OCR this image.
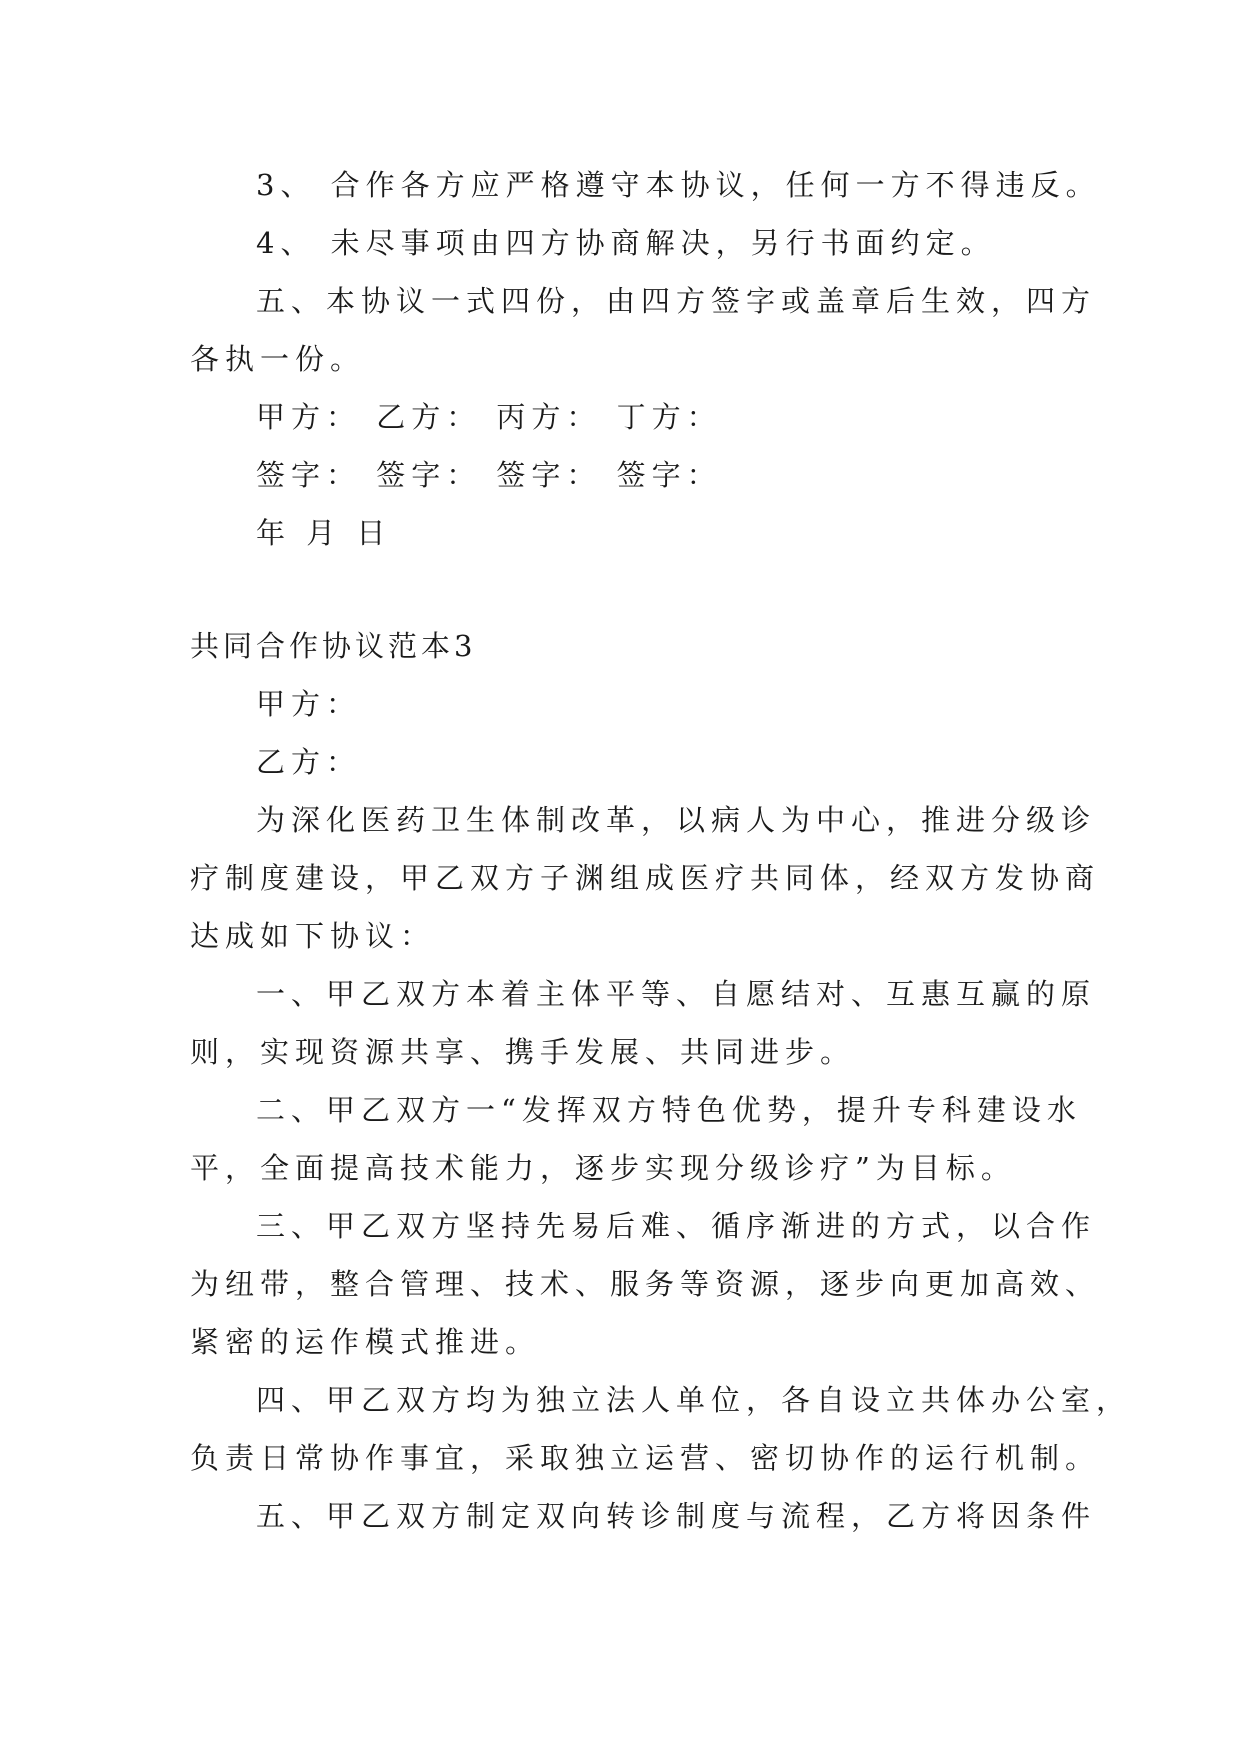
3、 合作各方应严格遵守本协议，任何一方不得违反。
4、 未尽事项由四方协商解决，另行书面约定。
五、本协议一式四份，由四方签字或盖章后生效，四方
各执一份。
甲方： 乙方： 丙方： 丁方：
签字： 签字： 签字： 签字：
年 月 日
共同合作协议范本3
甲方：
乙方：
为深化医药卫生体制改革，以病人为中心，推进分级诊
疗制度建设，甲乙双方子渊组成医疗共同体，经双方发协商
达成如下协议：
一、甲乙双方本着主体平等、自愿结对、互惠互赢的原
则，实现资源共享、携手发展、共同进步。
二、甲乙双方一“发挥双方特色优势，提升专科建设水
平，全面提高技术能力，逐步实现分级诊疗”为目标。
三、甲乙双方坚持先易后难、循序渐进的方式，以合作
为纽带，整合管理、技术、服务等资源，逐步向更加高效、
紧密的运作模式推进。
四、甲乙双方均为独立法人单位，各自设立共体办公室，
负责日常协作事宜，采取独立运营、密切协作的运行机制。
五、甲乙双方制定双向转诊制度与流程，乙方将因条件
